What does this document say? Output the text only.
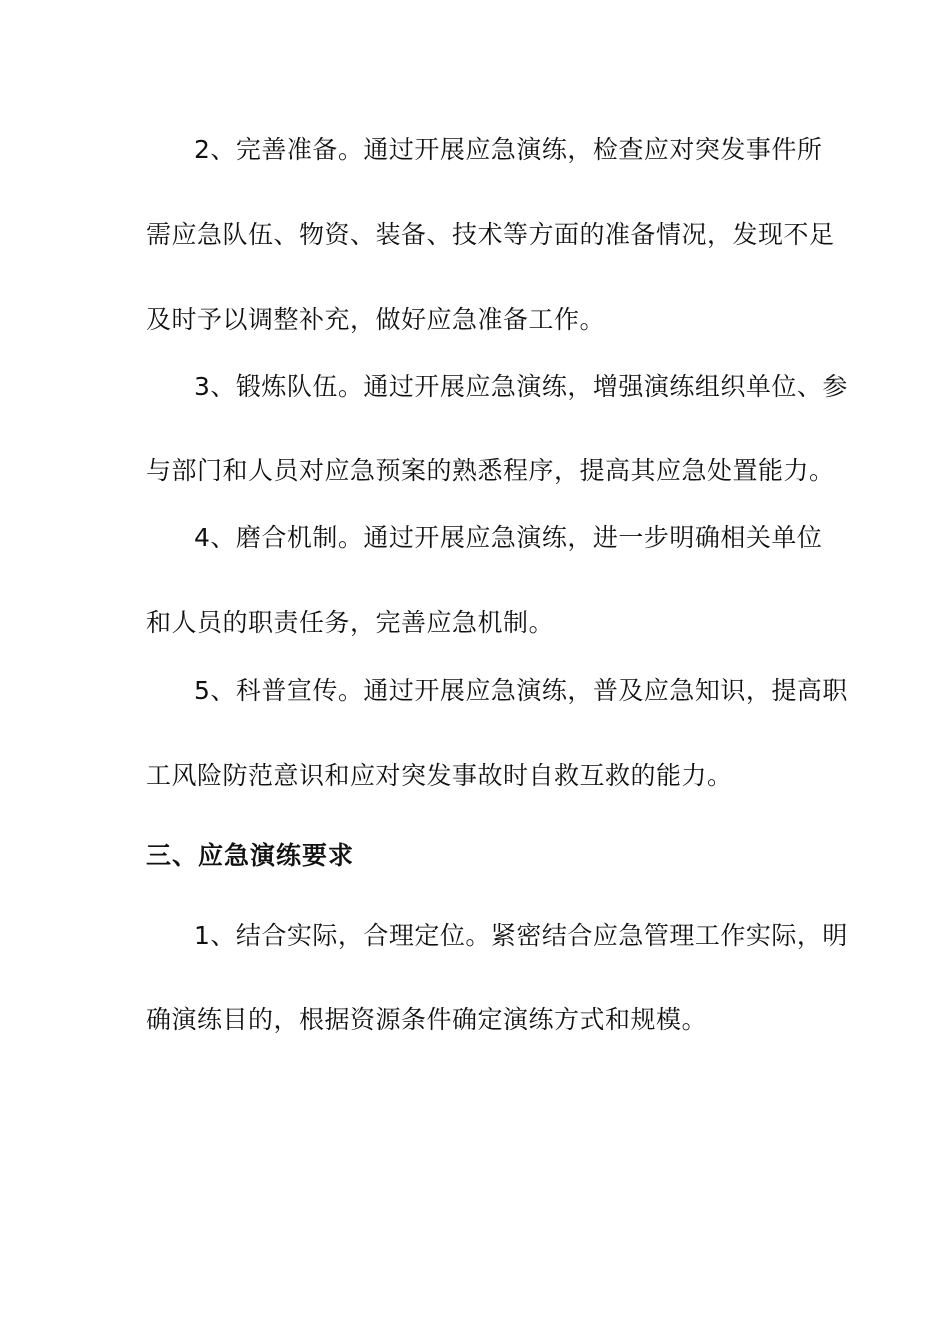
2、完善准备。通过开展应急演练，检查应对突发事件所
需应急队伍、物资、装备、技术等方面的准备情况，发现不足
及时予以调整补充，做好应急准备工作。
3、锻炼队伍。通过开展应急演练，增强演练组织单位、参
与部门和人员对应急预案的熟悉程序，提高其应急处置能力。
4、磨合机制。通过开展应急演练，进一步明确相关单位
和人员的职责任务，完善应急机制。
5、科普宣传。通过开展应急演练，普及应急知识，提高职
工风险防范意识和应对突发事故时自救互救的能力。
三、应急演练要求
1、结合实际，合理定位。紧密结合应急管理工作实际，明
确演练目的，根据资源条件确定演练方式和规模。
